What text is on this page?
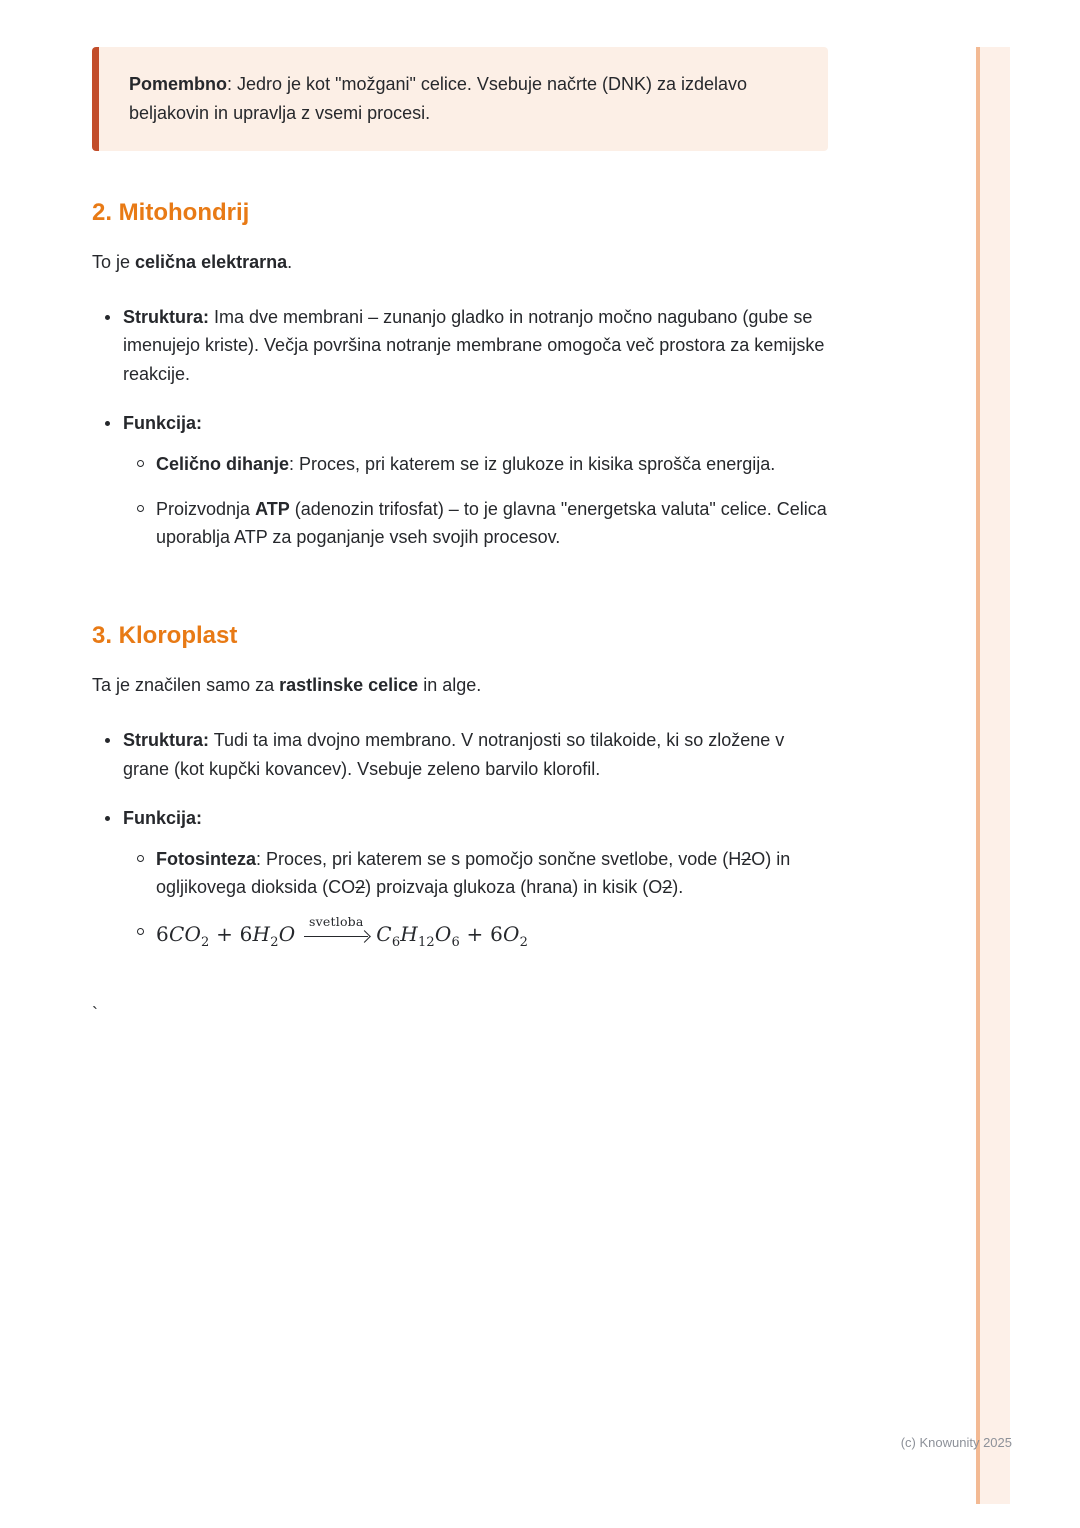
Pomembno: Jedro je kot "možgani" celice. Vsebuje načrte (DNK) za izdelavo beljakovin in upravlja z vsemi procesi.

2. Mitohondrij

To je celična elektrarna.

Struktura: Ima dve membrani – zunanjo gladko in notranjo močno nagubano (gube se imenujejo kriste). Večja površina notranje membrane omogoča več prostora za kemijske reakcije.

Funkcija:

Celično dihanje: Proces, pri katerem se iz glukoze in kisika sprošča energija.

Proizvodnja ATP (adenozin trifosfat) – to je glavna "energetska valuta" celice. Celica uporablja ATP za poganjanje vseh svojih procesov.

3. Kloroplast

Ta je značilen samo za rastlinske celice in alge.

Struktura: Tudi ta ima dvojno membrano. V notranjosti so tilakoide, ki so zložene v grane (kot kupčki kovancev). Vsebuje zeleno barvilo klorofil.

Funkcija:

Fotosinteza: Proces, pri katerem se s pomočjo sončne svetlobe, vode (H2O) in ogljikovega dioksida (CO2) proizvaja glukoza (hrana) in kisik (O2).

$6CO_2 + 6H_2O$
svetloba
$C_6H_{12}O_6 + 6O_2$

`

(c) Knowunity 2025
